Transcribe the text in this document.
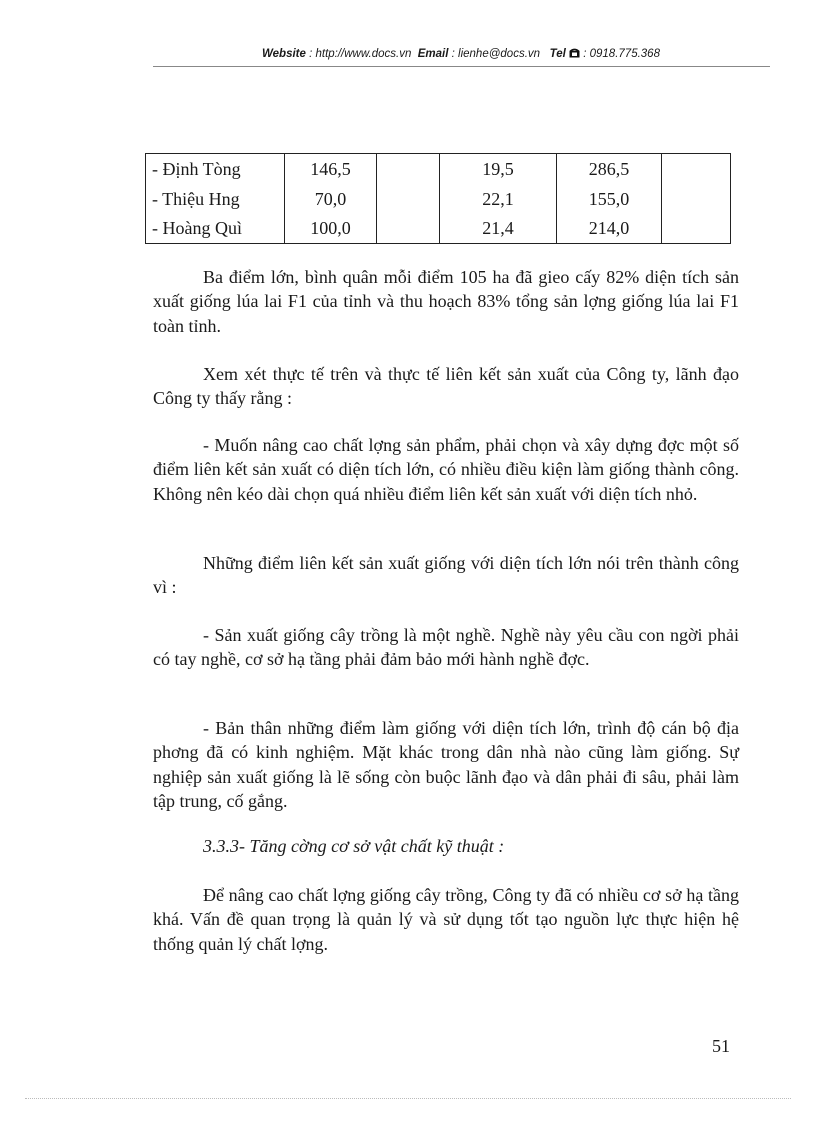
Website : http://www.docs.vn Email : lienhe@docs.vn Tel : 0918.775.368
- Định Tòng	146,5		19,5	286,5	
- Thiệu Hng	70,0		22,1	155,0	
- Hoàng Quì	100,0		21,4	214,0	

Ba điểm lớn, bình quân mỗi điểm 105 ha đã gieo cấy 82% diện tích sản xuất giống lúa lai F1 của tỉnh và thu hoạch 83% tổng sản lợng giống lúa lai F1 toàn tỉnh.

Xem xét thực tế trên và thực tế liên kết sản xuất của Công ty, lãnh đạo Công ty thấy rằng :

- Muốn nâng cao chất lợng sản phẩm, phải chọn và xây dựng đợc một số điểm liên kết sản xuất có diện tích lớn, có nhiều điều kiện làm giống thành công. Không nên kéo dài chọn quá nhiều điểm liên kết sản xuất với diện tích nhỏ.

Những điểm liên kết sản xuất giống với diện tích lớn nói trên thành công vì :

- Sản xuất giống cây trồng là một nghề. Nghề này yêu cầu con ngời phải có tay nghề, cơ sở hạ tầng phải đảm bảo mới hành nghề đợc.

- Bản thân những điểm làm giống với diện tích lớn, trình độ cán bộ địa phơng đã có kinh nghiệm. Mặt khác trong dân nhà nào cũng làm giống. Sự nghiệp sản xuất giống là lẽ sống còn buộc lãnh đạo và dân phải đi sâu, phải làm tập trung, cố gắng.

3.3.3- Tăng cờng cơ sở vật chất kỹ thuật :

Để nâng cao chất lợng giống cây trồng, Công ty đã có nhiều cơ sở hạ tầng khá. Vấn đề quan trọng là quản lý và sử dụng tốt tạo nguồn lực thực hiện hệ thống quản lý chất lợng.

51
